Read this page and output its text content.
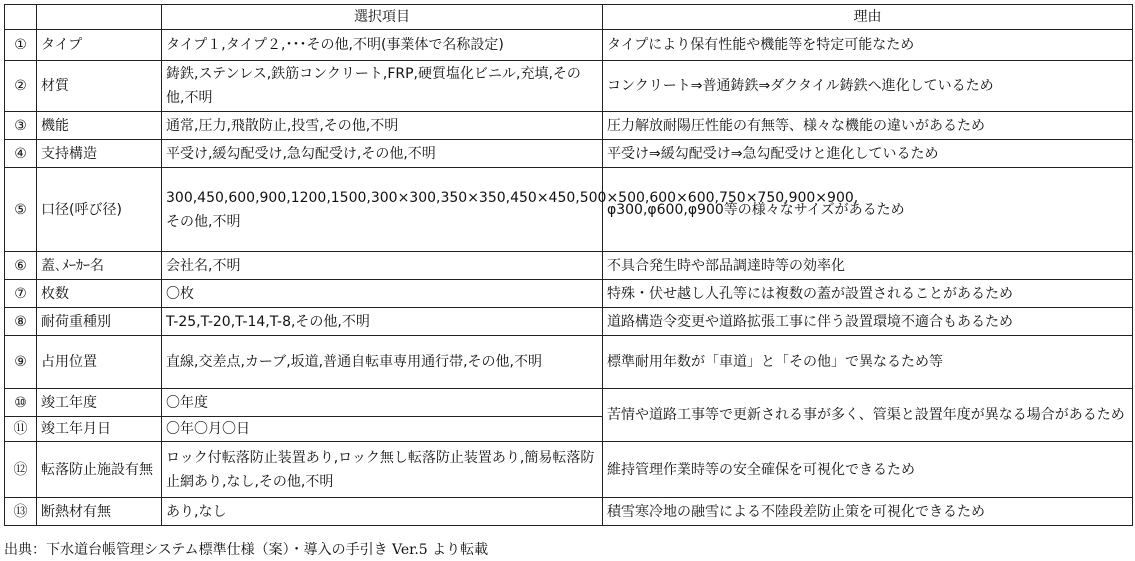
		選択項目	理由
①	タイプ	タイプ１,タイプ２,･･･その他,不明(事業体で名称設定)	タイプにより保有性能や機能等を特定可能なため
②	材質	鋳鉄,ステンレス,鉄筋コンクリート,FRP,硬質塩化ビニル,充填,その他,不明	コンクリート⇒普通鋳鉄⇒ダクタイル鋳鉄へ進化しているため
③	機能	通常,圧力,飛散防止,投雪,その他,不明	圧力解放耐陽圧性能の有無等、様々な機能の違いがあるため
④	支持構造	平受け,緩勾配受け,急勾配受け,その他,不明	平受け⇒緩勾配受け⇒急勾配受けと進化しているため
⑤	口径(呼び径)	300,450,600,900,1200,1500,300×300,350×350,450×450,500×500,600×600,750×750,900×900,その他,不明	φ300,φ600,φ900等の様々なサイズがあるため
⑥	蓋､ﾒｰｶｰ名	会社名,不明	不具合発生時や部品調達時等の効率化
⑦	枚数	〇枚	特殊・伏せ越し人孔等には複数の蓋が設置されることがあるため
⑧	耐荷重種別	T-25,T-20,T-14,T-8,その他,不明	道路構造令変更や道路拡張工事に伴う設置環境不適合もあるため
⑨	占用位置	直線,交差点,カーブ,坂道,普通自転車専用通行帯,その他,不明	標準耐用年数が「車道」と「その他」で異なるため等
⑩	竣工年度	〇年度	苦情や道路工事等で更新される事が多く、管渠と設置年度が異なる場合があるため
⑪	竣工年月日	〇年〇月〇日	
⑫	転落防止施設有無	ロック付転落防止装置あり,ロック無し転落防止装置あり,簡易転落防止網あり,なし,その他,不明	維持管理作業時等の安全確保を可視化できるため
⑬	断熱材有無	あり,なし	積雪寒冷地の融雪による不陸段差防止策を可視化できるため
出典：下水道台帳管理システム標準仕様（案）・導入の手引き Ver.5 より転載
